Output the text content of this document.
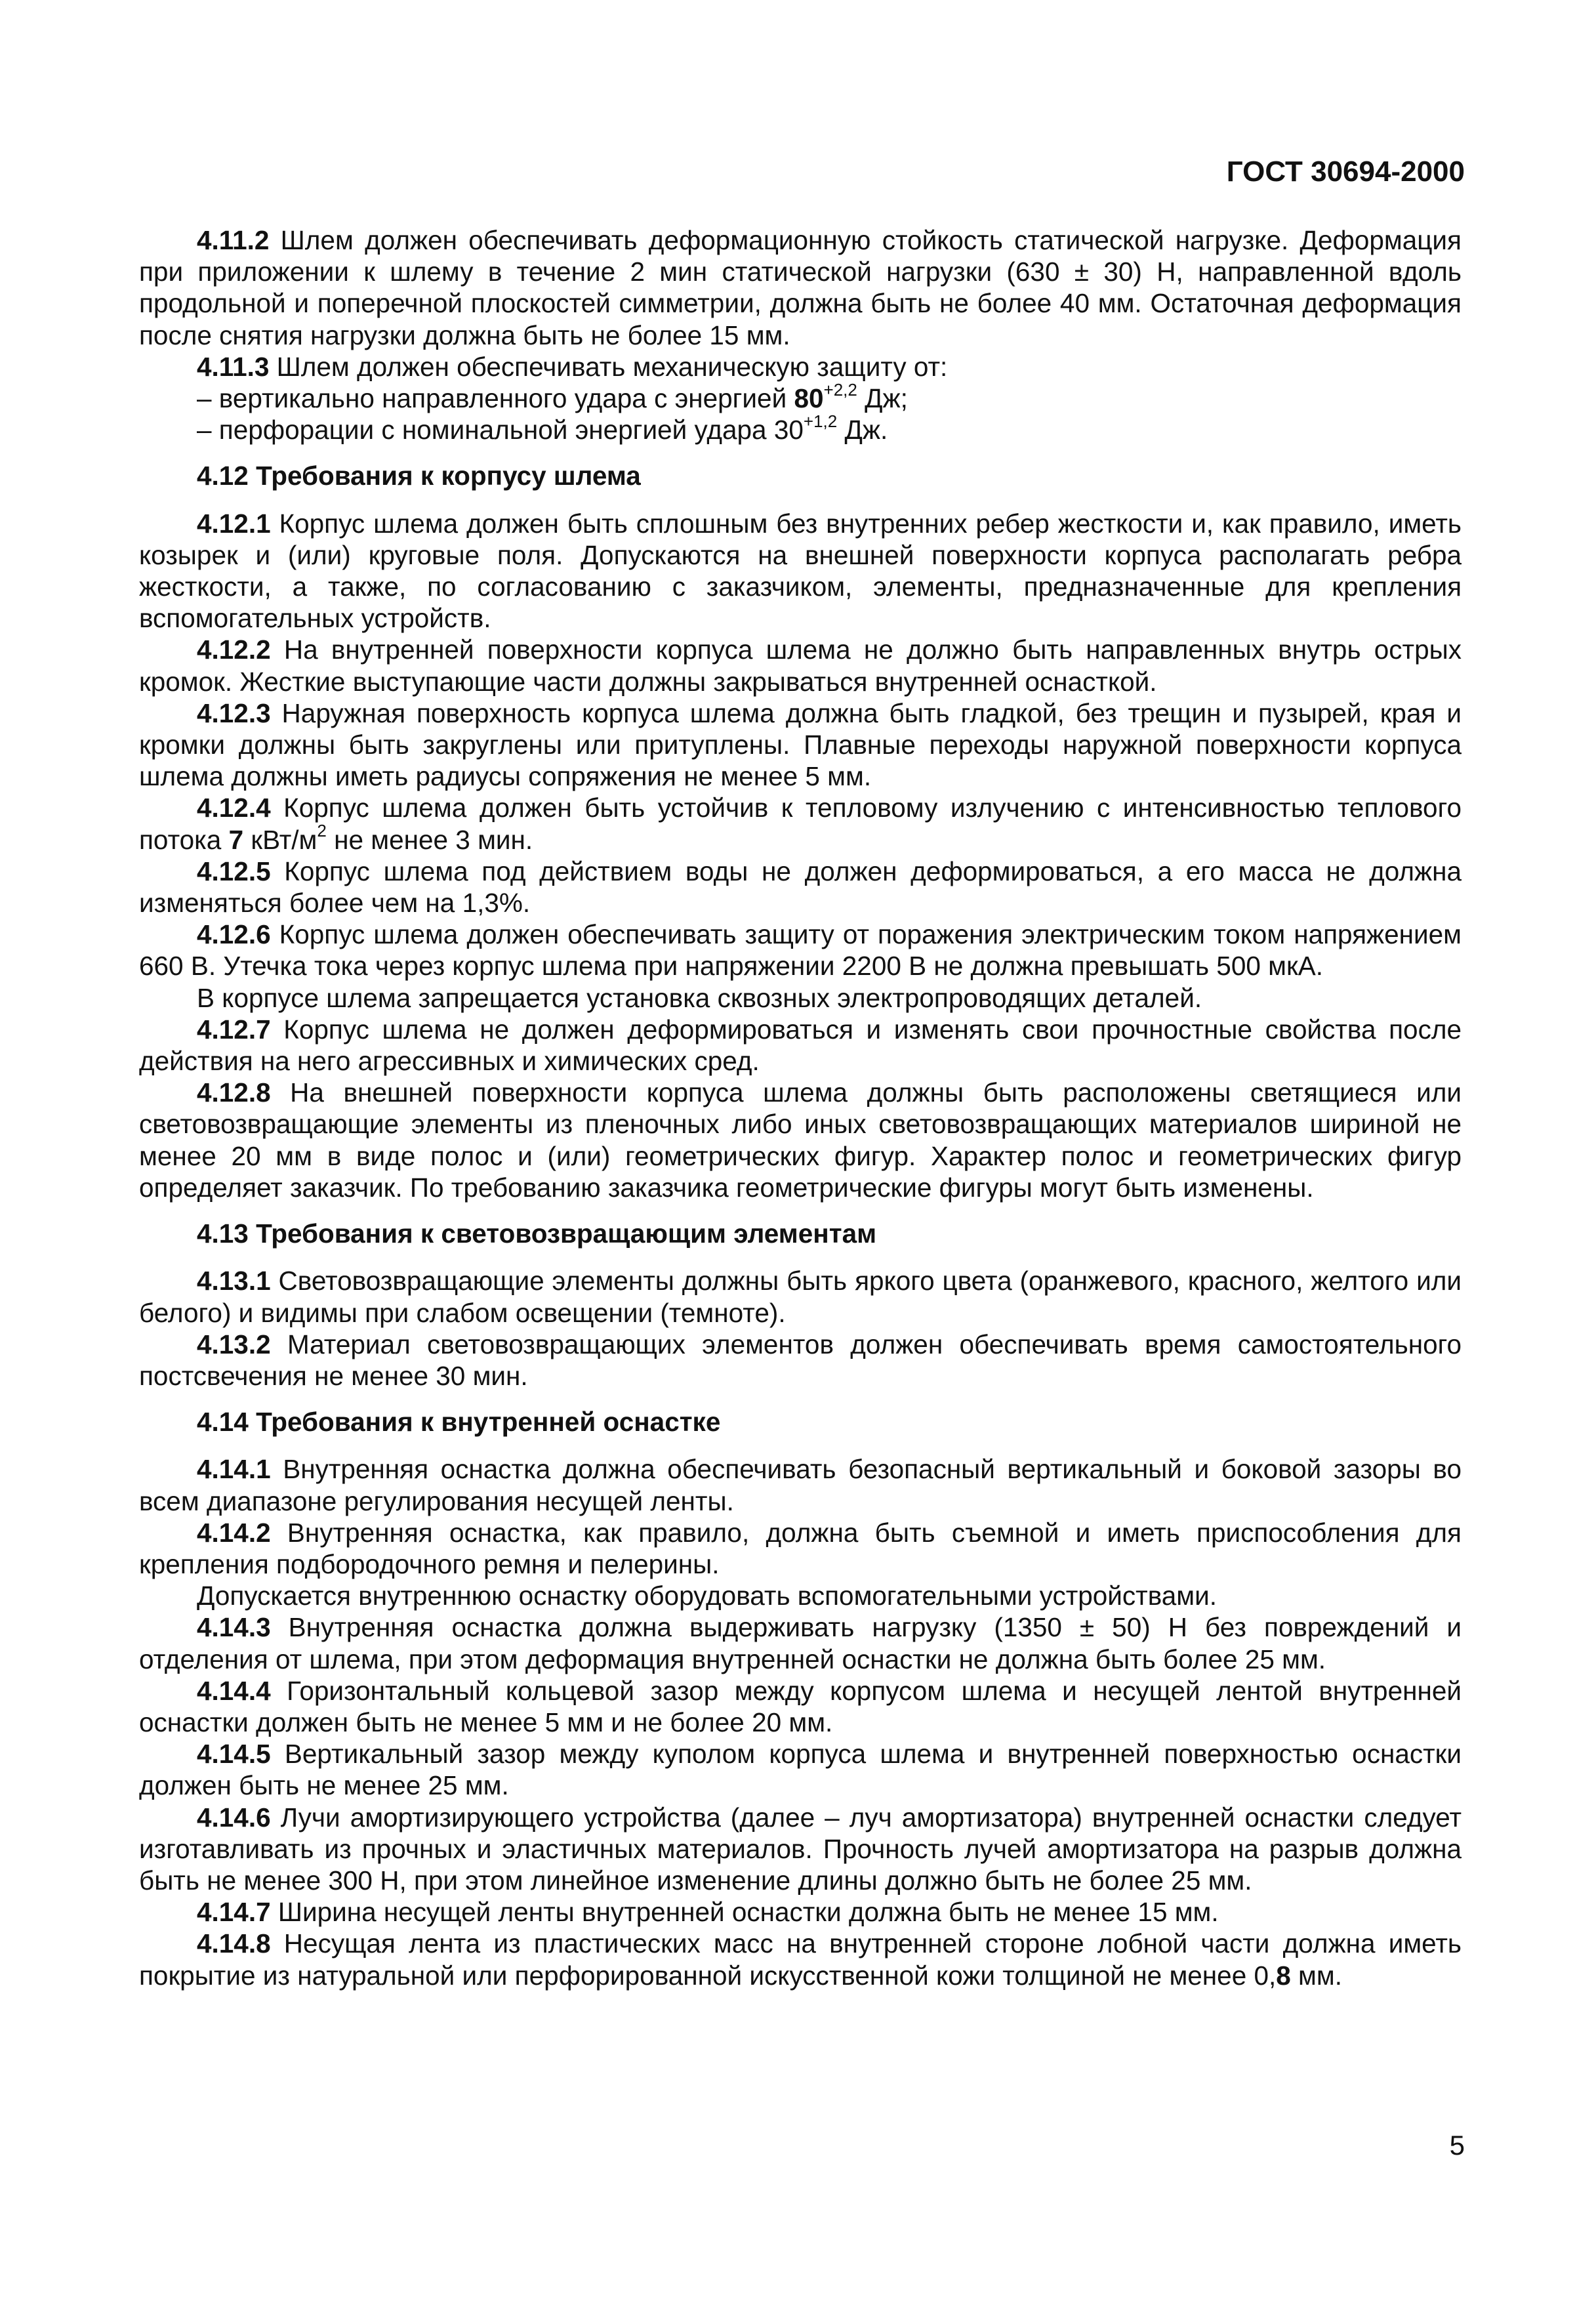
ГОСТ 30694-2000

4.11.2 Шлем должен обеспечивать деформационную стойкость статической нагрузке. Деформация при приложении к шлему в течение 2 мин статической нагрузки (630 ± 30) Н, направленной вдоль продольной и поперечной плоскостей симметрии, должна быть не более 40 мм. Остаточная деформация после снятия нагрузки должна быть не более 15 мм.

4.11.3 Шлем должен обеспечивать механическую защиту от:

– вертикально направленного удара с энергией $80^{+2,2}$ Дж;

– перфорации с номинальной энергией удара $30^{+1,2}$ Дж.

4.12 Требования к корпусу шлема

4.12.1 Корпус шлема должен быть сплошным без внутренних ребер жесткости и, как правило, иметь козырек и (или) круговые поля. Допускаются на внешней поверхности корпуса располагать ребра жесткости, а также, по согласованию с заказчиком, элементы, предназначенные для крепления вспомогательных устройств.

4.12.2 На внутренней поверхности корпуса шлема не должно быть направленных внутрь острых кромок. Жесткие выступающие части должны закрываться внутренней оснасткой.

4.12.3 Наружная поверхность корпуса шлема должна быть гладкой, без трещин и пузырей, края и кромки должны быть закруглены или притуплены. Плавные переходы наружной поверхности корпуса шлема должны иметь радиусы сопряжения не менее 5 мм.

4.12.4 Корпус шлема должен быть устойчив к тепловому излучению с интенсивностью теплового потока 7 кВт/$м^2$ не менее 3 мин.

4.12.5 Корпус шлема под действием воды не должен деформироваться, а его масса не должна изменяться более чем на 1,3%.

4.12.6 Корпус шлема должен обеспечивать защиту от поражения электрическим током напряжением 660 В. Утечка тока через корпус шлема при напряжении 2200 В не должна превышать 500 мкА.

В корпусе шлема запрещается установка сквозных электропроводящих деталей.

4.12.7 Корпус шлема не должен деформироваться и изменять свои прочностные свойства после действия на него агрессивных и химических сред.

4.12.8 На внешней поверхности корпуса шлема должны быть расположены светящиеся или световозвращающие элементы из пленочных либо иных световозвращающих материалов шириной не менее 20 мм в виде полос и (или) геометрических фигур. Характер полос и геометрических фигур определяет заказчик. По требованию заказчика геометрические фигуры могут быть изменены.

4.13 Требования к световозвращающим элементам

4.13.1 Световозвращающие элементы должны быть яркого цвета (оранжевого, красного, желтого или белого) и видимы при слабом освещении (темноте).

4.13.2 Материал световозвращающих элементов должен обеспечивать время самостоятельного постсвечения не менее 30 мин.

4.14 Требования к внутренней оснастке

4.14.1 Внутренняя оснастка должна обеспечивать безопасный вертикальный и боковой зазоры во всем диапазоне регулирования несущей ленты.

4.14.2 Внутренняя оснастка, как правило, должна быть съемной и иметь приспособления для крепления подбородочного ремня и пелерины.

Допускается внутреннюю оснастку оборудовать вспомогательными устройствами.

4.14.3 Внутренняя оснастка должна выдерживать нагрузку (1350 ± 50) Н без повреждений и отделения от шлема, при этом деформация внутренней оснастки не должна быть более 25 мм.

4.14.4 Горизонтальный кольцевой зазор между корпусом шлема и несущей лентой внутренней оснастки должен быть не менее 5 мм и не более 20 мм.

4.14.5 Вертикальный зазор между куполом корпуса шлема и внутренней поверхностью оснастки должен быть не менее 25 мм.

4.14.6 Лучи амортизирующего устройства (далее – луч амортизатора) внутренней оснастки следует изготавливать из прочных и эластичных материалов. Прочность лучей амортизатора на разрыв должна быть не менее 300 Н, при этом линейное изменение длины должно быть не более 25 мм.

4.14.7 Ширина несущей ленты внутренней оснастки должна быть не менее 15 мм.

4.14.8 Несущая лента из пластических масс на внутренней стороне лобной части должна иметь покрытие из натуральной или перфорированной искусственной кожи толщиной не менее 0,8 мм.

5
